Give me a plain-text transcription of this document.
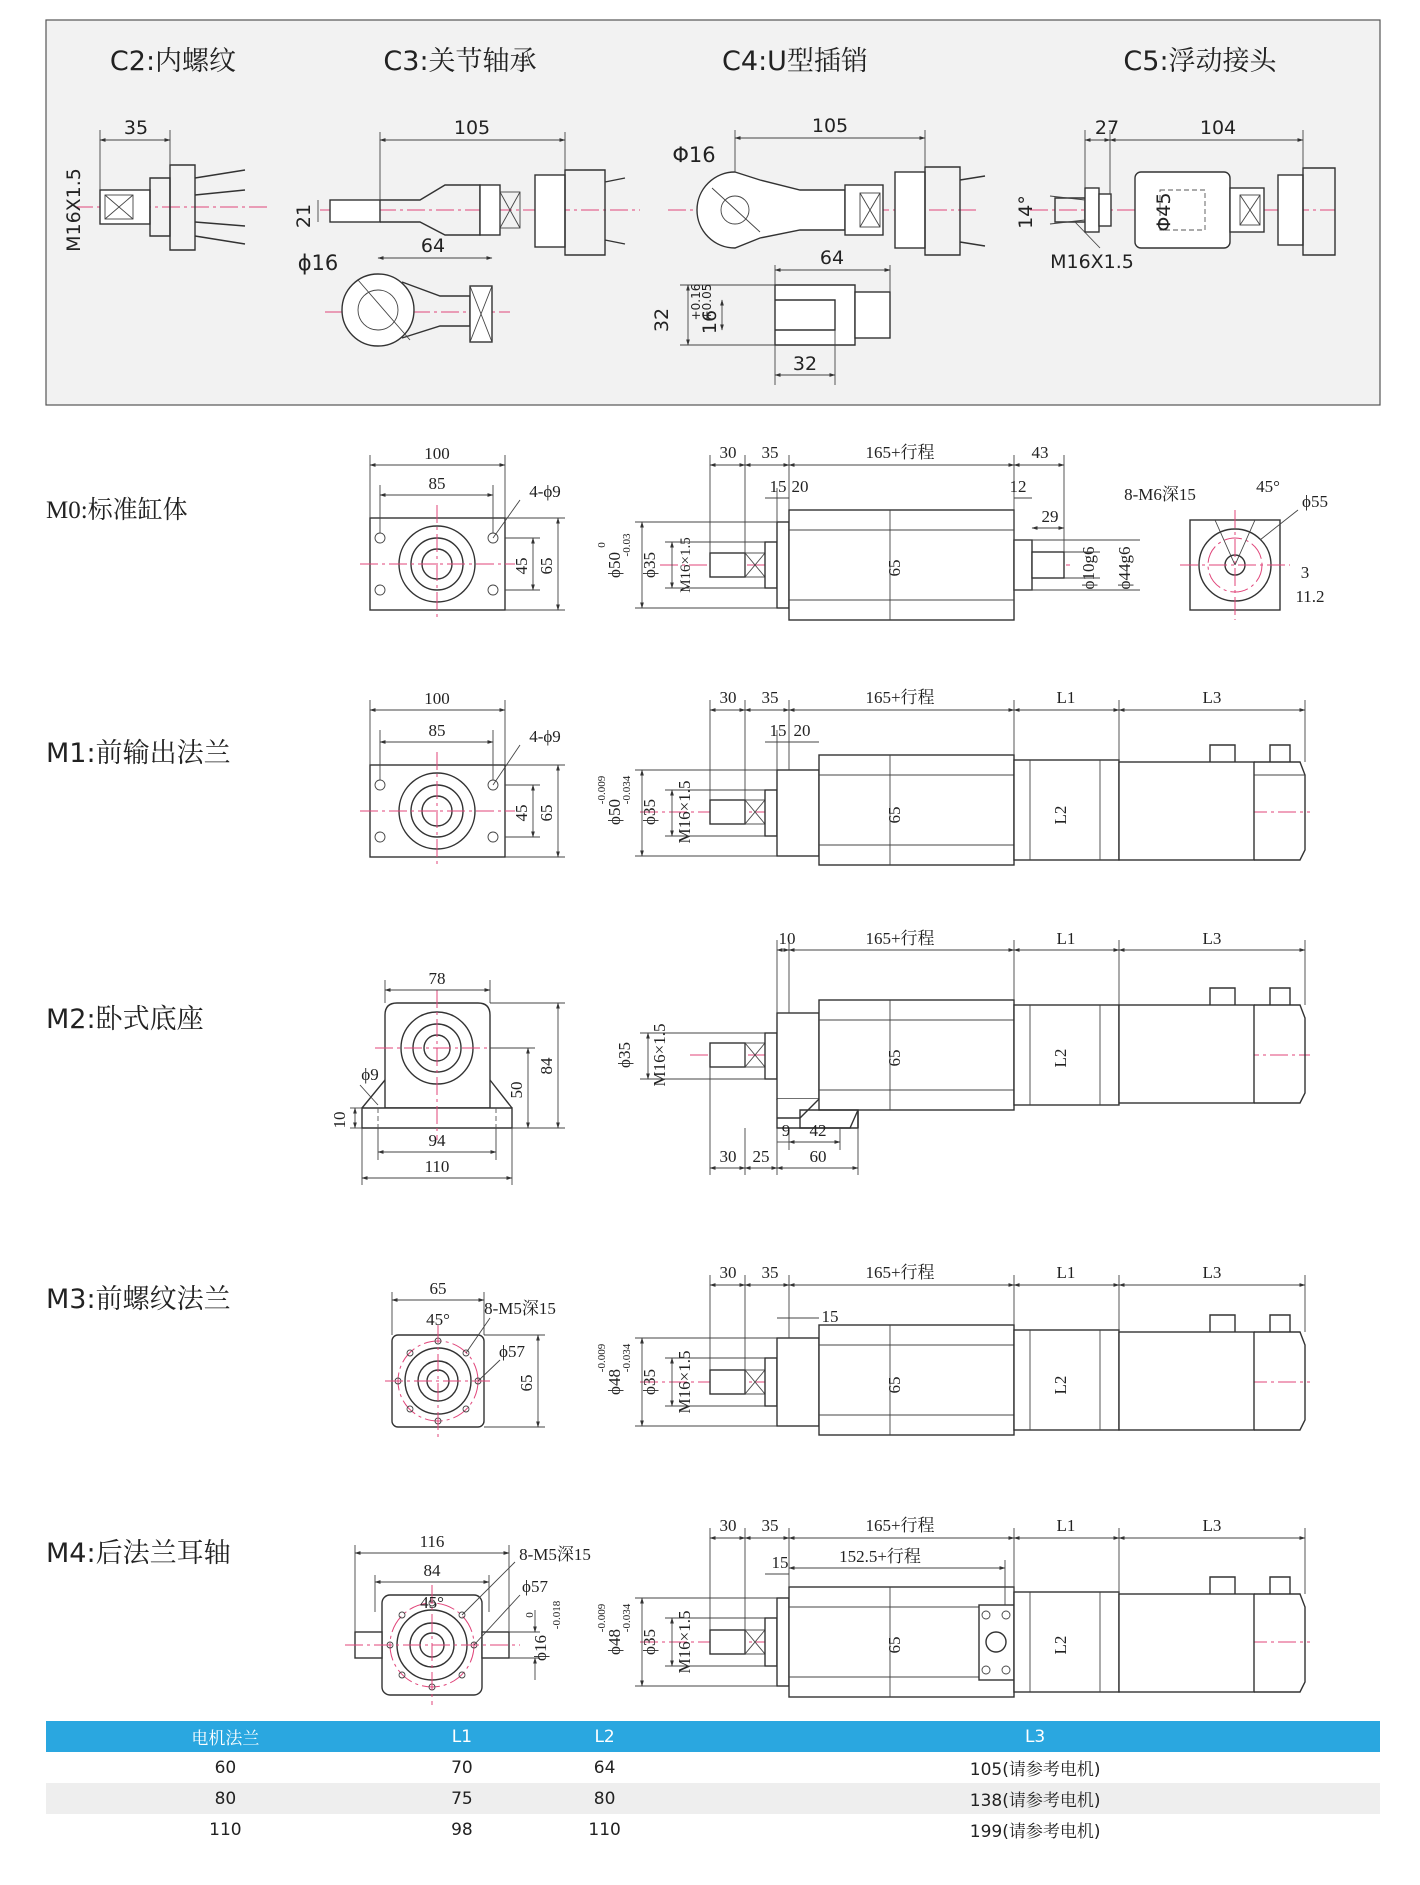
C2:内螺纹
35
M16X1.5
C3:关节轴承
105
21
64
ϕ16
C4:U型插销
105
Φ16
64
32 16
+0.16
+0.05
32
C5:浮动接头
27	104
14°	Φ45
M16X1.5
M0:标准缸体
100
85	4-ϕ9
45 65
30 35	165+行程	43
15 20	12
29
65	ϕ10g6 ϕ44g6
ϕ35 M16×1.5
ϕ50
0 -0.03
45°
8-M6深15	ϕ55
3
11.2
M1:前输出法兰
100
85	4-ϕ9
45 65
30 35	165+行程	L1	L3
15 20
65	L2
ϕ35 M16×1.5
ϕ50
-0.009 -0.034
M2:卧式底座
78
ϕ9	84
50
10
94
110
10	165+行程	L1	L3
ϕ35 M16×1.5	65	L2
9 42
30 25 60
M3:前螺纹法兰	65
45°
8-M5深15
ϕ57
65
30 35	165+行程	L1	L3
15
65	L2
ϕ35 M16×1.5
ϕ48
-0.009 -0.034
M4:后法兰耳轴	116
84
8-M5深15
45°
ϕ57
ϕ16
0 -0.018
30 35	165+行程	L1	L3
15	152.5+行程
65	L2
ϕ35 M16×1.5
ϕ48
-0.009 -0.034
电机法兰	L1	L2	L3
60	70	64	105(请参考电机)
80	75	80	138(请参考电机)
110	98	110	199(请参考电机)
